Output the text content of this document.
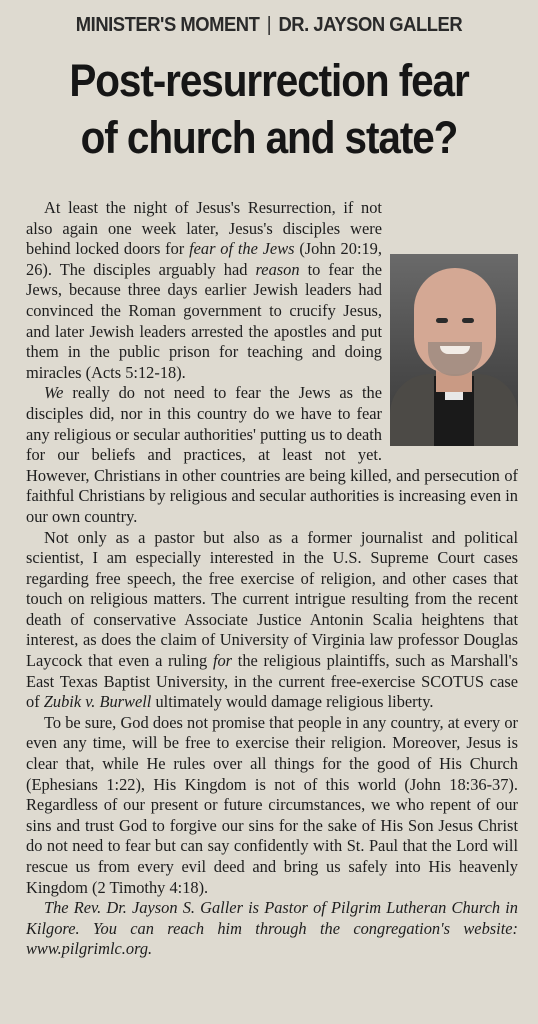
MINISTER'S MOMENT | DR. JAYSON GALLER
Post-resurrection fear
of church and state?

At least the night of Jesus's Resurrection, if not also again one week later, Jesus's disciples were behind locked doors for fear of the Jews (John 20:19, 26). The disciples arguably had reason to fear the Jews, because three days earlier Jewish leaders had convinced the Roman government to crucify Jesus, and later Jewish leaders arrested the apostles and put them in the public prison for teaching and doing miracles (Acts 5:12-18).

We really do not need to fear the Jews as the disciples did, nor in this country do we have to fear any religious or secular authorities' putting us to death for our beliefs and practices, at least not yet. However, Christians in other countries are being killed, and persecution of faithful Christians by religious and secular authorities is increasing even in our own country.

Not only as a pastor but also as a former journalist and political scientist, I am especially interested in the U.S. Supreme Court cases regarding free speech, the free exercise of religion, and other cases that touch on religious matters. The current intrigue resulting from the recent death of conservative Associate Justice Antonin Scalia heightens that interest, as does the claim of University of Virginia law professor Douglas Laycock that even a ruling for the religious plaintiffs, such as Marshall's East Texas Baptist University, in the current free-exercise SCOTUS case of Zubik v. Burwell ultimately would damage religious liberty.

To be sure, God does not promise that people in any country, at every or even any time, will be free to exercise their religion. Moreover, Jesus is clear that, while He rules over all things for the good of His Church (Ephesians 1:22), His Kingdom is not of this world (John 18:36-37). Regardless of our present or future circumstances, we who repent of our sins and trust God to forgive our sins for the sake of His Son Jesus Christ do not need to fear but can say confidently with St. Paul that the Lord will rescue us from every evil deed and bring us safely into His heavenly Kingdom (2 Timothy 4:18).

The Rev. Dr. Jayson S. Galler is Pastor of Pilgrim Lutheran Church in Kilgore. You can reach him through the congregation's website: www.pilgrimlc.org.
